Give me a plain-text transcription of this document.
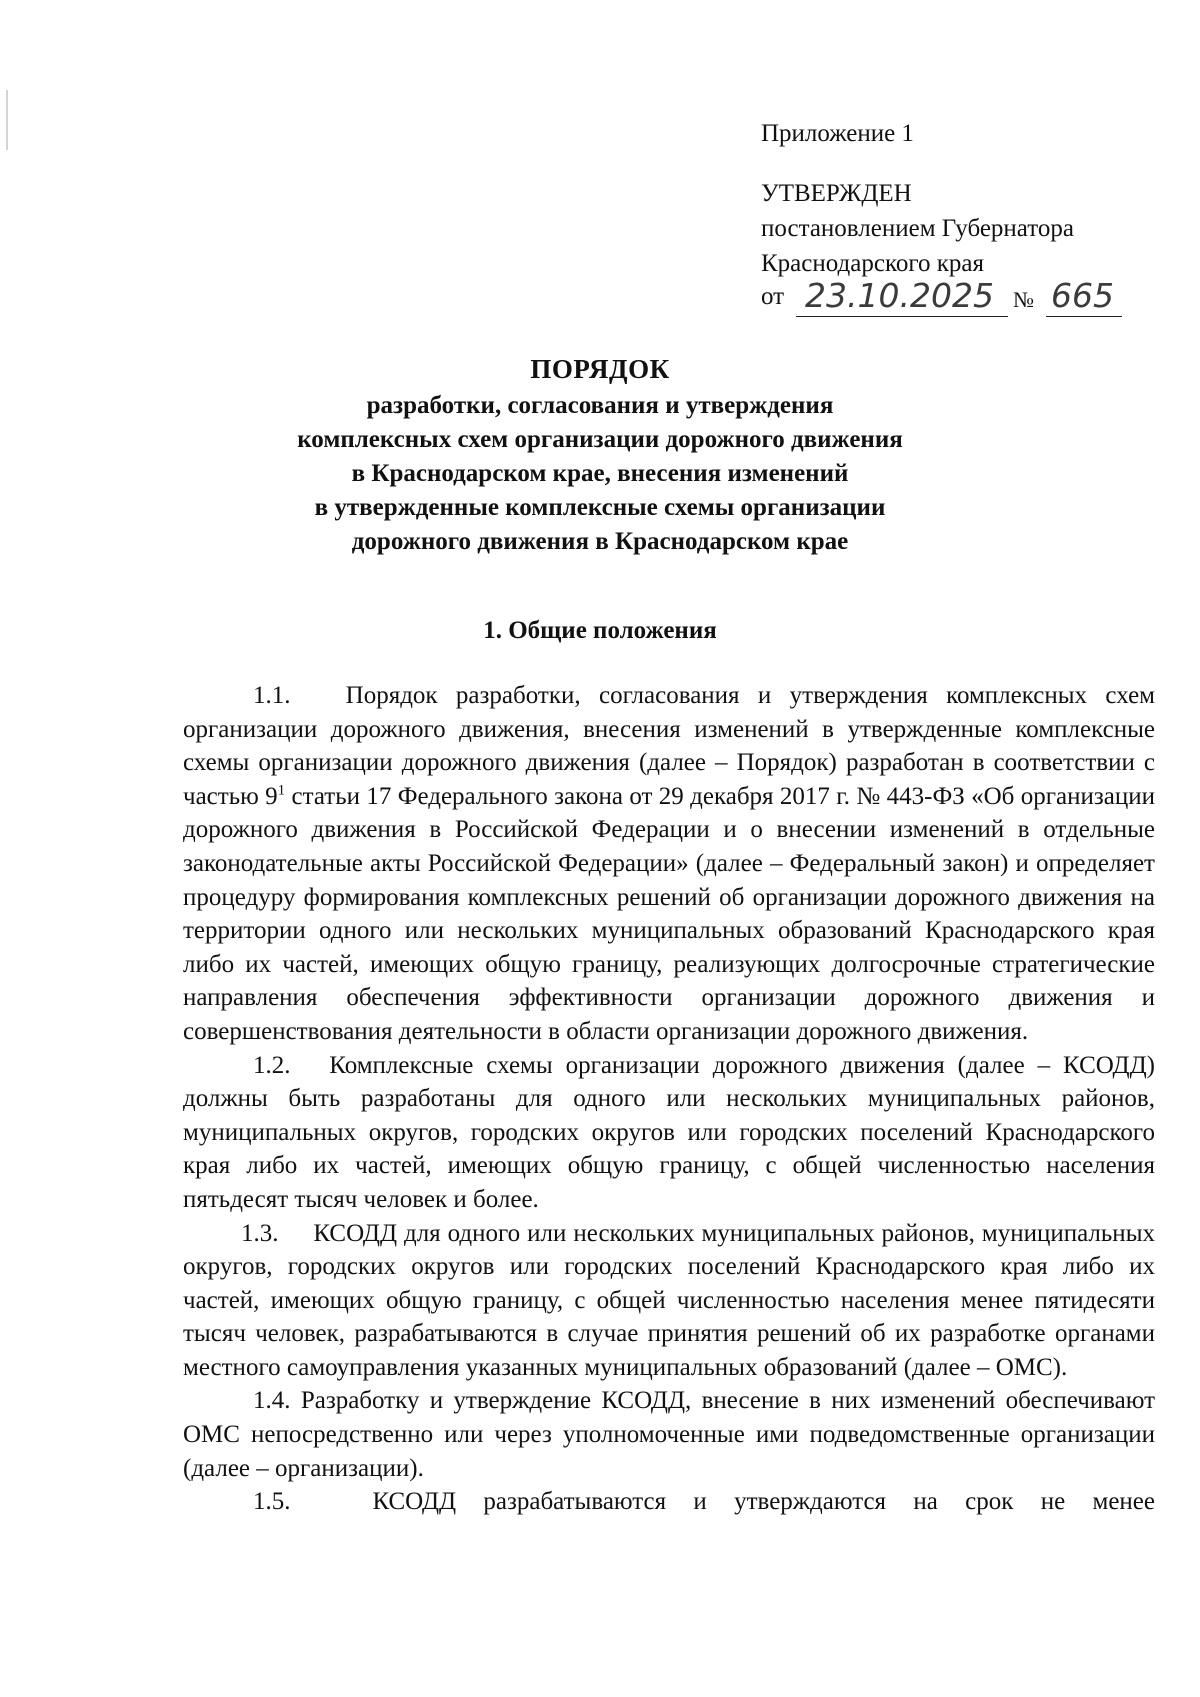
Приложение 1
УТВЕРЖДЕН
постановлением Губернатора
Краснодарского края
от 23.10.2025 № 665
ПОРЯДОК
разработки, согласования и утверждения
комплексных схем организации дорожного движения
в Краснодарском крае, внесения изменений
в утвержденные комплексные схемы организации
дорожного движения в Краснодарском крае
1. Общие положения

1.1.   Порядок разработки, согласования и утверждения комплексных схем организации дорожного движения, внесения изменений в утвержденные комплексные схемы организации дорожного движения (далее – Порядок) разработан в соответствии с частью $9^1$ статьи 17 Федерального закона от 29 декабря 2017 г. № 443-ФЗ «Об организации дорожного движения в Российской Федерации и о внесении изменений в отдельные законодательные акты Российской Федерации» (далее – Федеральный закон) и определяет процедуру формирования комплексных решений об организации дорожного движения на территории одного или нескольких муниципальных образований Краснодарского края либо их частей, имеющих общую границу, реализующих долгосрочные стратегические направления обеспечения эффективности организации дорожного движения и совершенствования деятельности в области организации дорожного движения.

1.2.   Комплексные схемы организации дорожного движения (далее – КСОДД) должны быть разработаны для одного или нескольких муниципальных районов, муниципальных округов, городских округов или городских поселений Краснодарского края либо их частей, имеющих общую границу, с общей численностью населения пятьдесят тысяч человек и более.

1.3.     КСОДД для одного или нескольких муниципальных районов, муниципальных округов, городских округов или городских поселений Краснодарского края либо их частей, имеющих общую границу, с общей численностью населения менее пятидесяти тысяч человек, разрабатываются в случае принятия решений об их разработке органами местного самоуправления указанных муниципальных образований (далее – ОМС).

1.4. Разработку и утверждение КСОДД, внесение в них изменений обеспечивают ОМС непосредственно или через уполномоченные ими подведомственные организации (далее – организации).

1.5.   КСОДД разрабатываются и утверждаются на срок не менее
